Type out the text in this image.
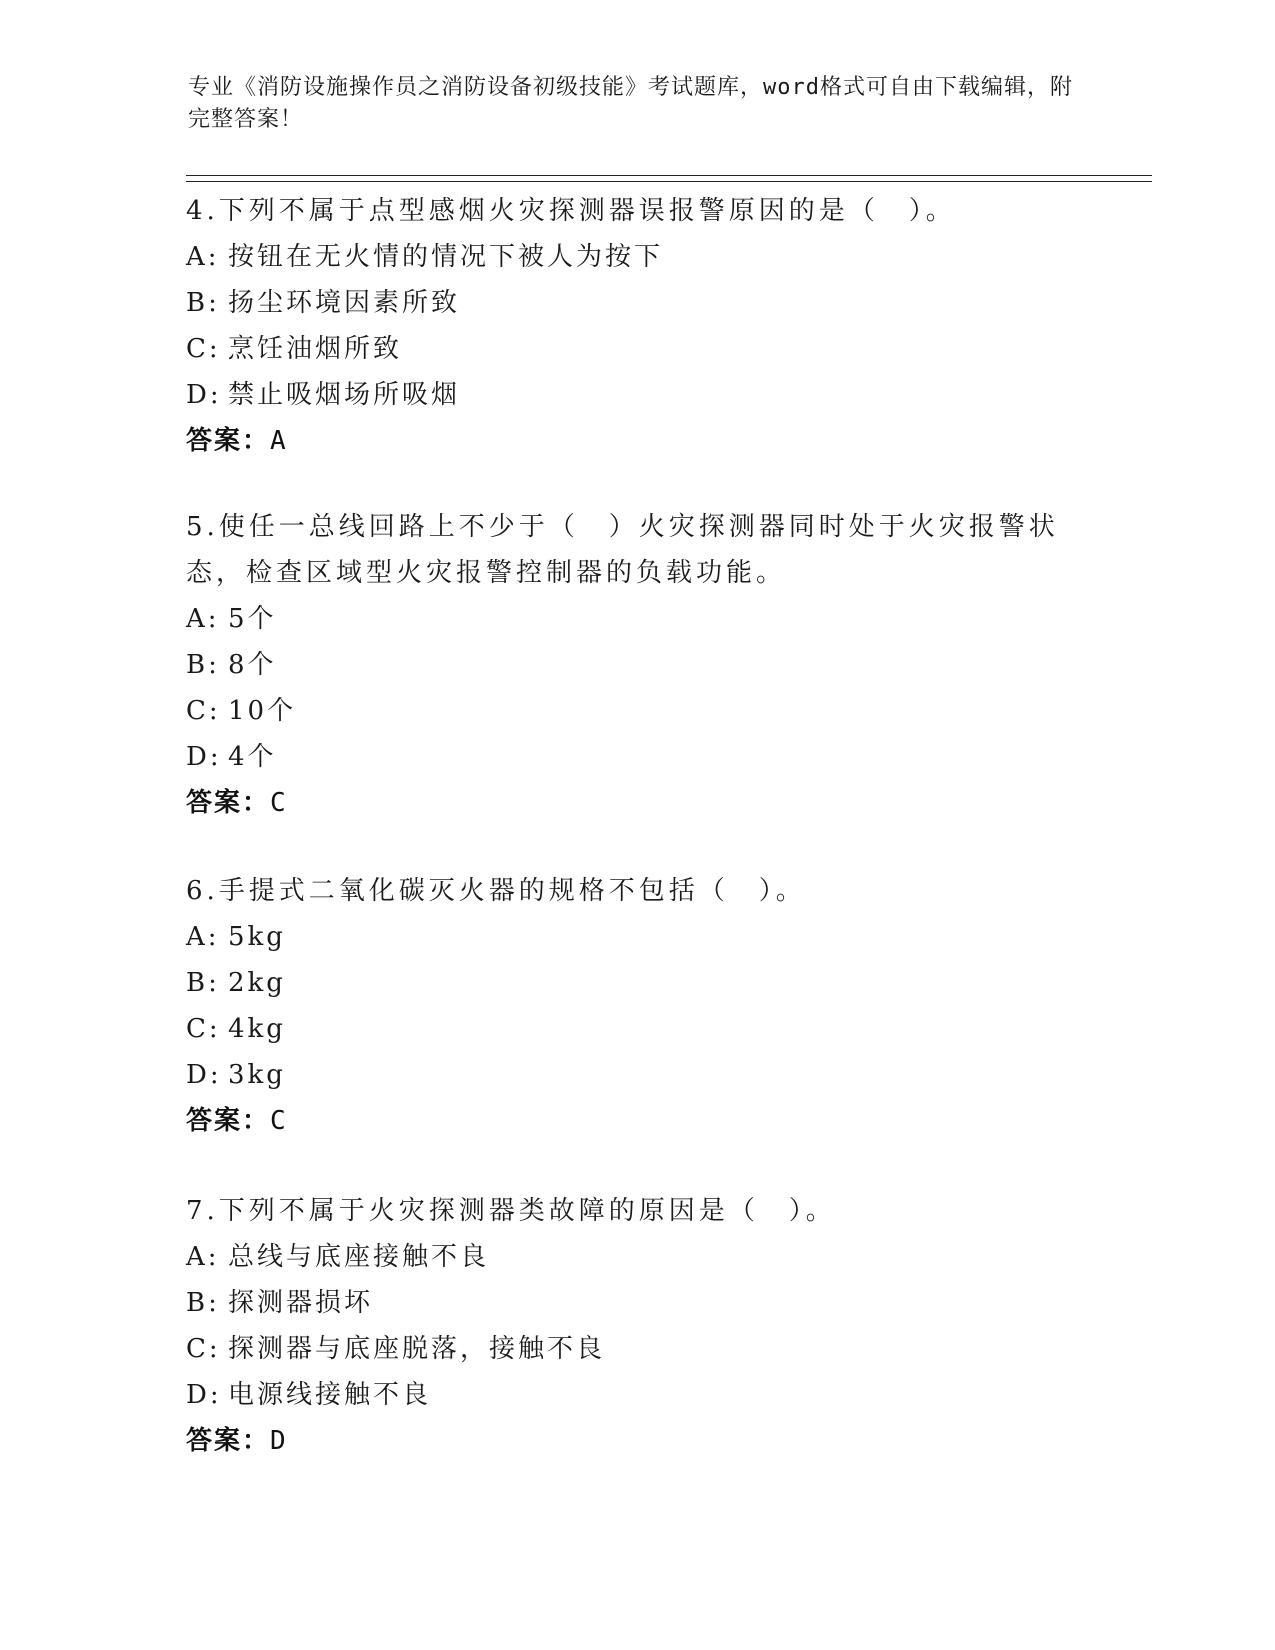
专业《消防设施操作员之消防设备初级技能》考试题库，word格式可自由下载编辑，附完整答案！
4.下列不属于点型感烟火灾探测器误报警原因的是（　）。
A: 按钮在无火情的情况下被人为按下
B: 扬尘环境因素所致
C: 烹饪油烟所致
D: 禁止吸烟场所吸烟
答案：A
5.使任一总线回路上不少于（　）火灾探测器同时处于火灾报警状态，检查区域型火灾报警控制器的负载功能。
A: 5个
B: 8个
C: 10个
D: 4个
答案：C
6.手提式二氧化碳灭火器的规格不包括（　）。
A: 5kg
B: 2kg
C: 4kg
D: 3kg
答案：C
7.下列不属于火灾探测器类故障的原因是（　）。
A: 总线与底座接触不良
B: 探测器损坏
C: 探测器与底座脱落，接触不良
D: 电源线接触不良
答案：D
